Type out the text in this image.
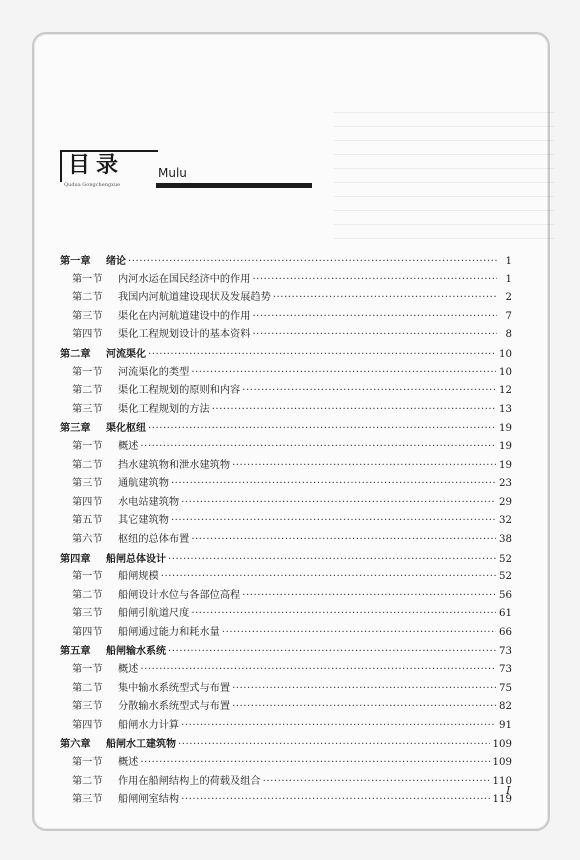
目录	Mulu
Qudua Gongchengxue
第一章	绪论 ·····	1
第一节	内河水运在国民经济中的作用 ·····	1
第二节	我国内河航道建设现状及发展趋势 ·····	2
第三节	渠化在内河航道建设中的作用 ·····	7
第四节	渠化工程规划设计的基本资料 ·····	8
第二章	河流渠化 ·····	10
第一节	河流渠化的类型 ·····	10
第二节	渠化工程规划的原则和内容 ·····	12
第三节	渠化工程规划的方法 ·····	13
第三章	渠化枢纽 ·····	19
第一节	概述 ·····	19
第二节	挡水建筑物和泄水建筑物 ·····	19
第三节	通航建筑物 ·····	23
第四节	水电站建筑物 ·····	29
第五节	其它建筑物 ·····	32
第六节	枢纽的总体布置 ·····	38
第四章	船闸总体设计 ·····	52
第一节	船闸规模 ·····	52
第二节	船闸设计水位与各部位高程 ·····	56
第三节	船闸引航道尺度 ·····	61
第四节	船闸通过能力和耗水量 ·····	66
第五章	船闸输水系统 ·····	73
第一节	概述 ·····	73
第二节	集中输水系统型式与布置 ·····	75
第三节	分散输水系统型式与布置 ·····	82
第四节	船闸水力计算 ·····	91
第六章	船闸水工建筑物 ·····	109
第一节	概述 ·····	109
第二节	作用在船闸结构上的荷载及组合 ·····	110
第三节	船闸闸室结构 ·····	119
I
